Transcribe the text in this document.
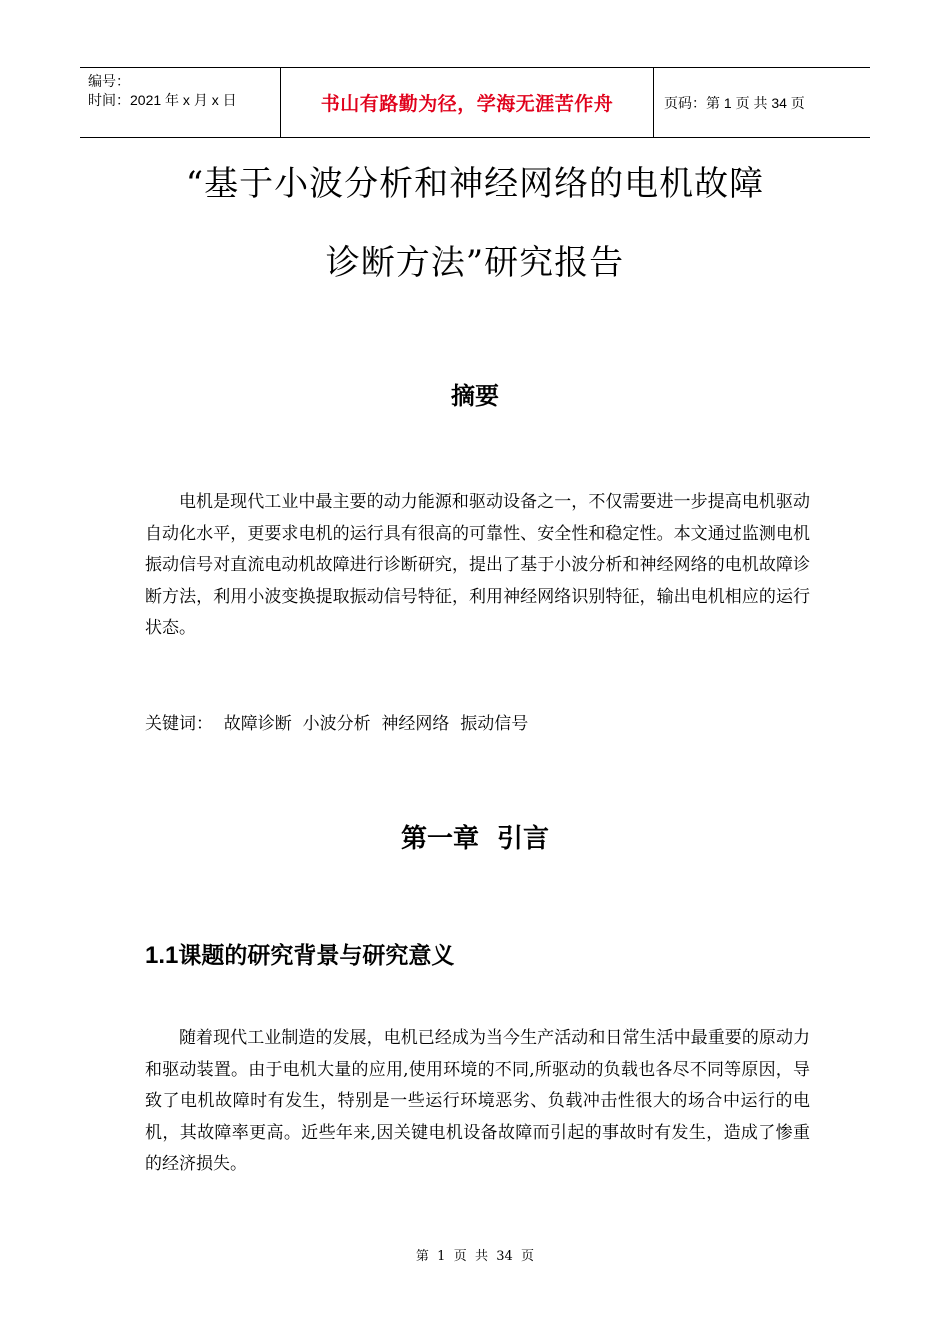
编号：
时间：2021 年 x 月 x 日	书山有路勤为径，学海无涯苦作舟	页码：第 1 页 共 34 页
“基于小波分析和神经网络的电机故障
诊断方法”研究报告
摘要
电机是现代工业中最主要的动力能源和驱动设备之一，不仅需要进一步提高电机驱动自动化水平，更要求电机的运行具有很高的可靠性、安全性和稳定性。本文通过监测电机振动信号对直流电动机故障进行诊断研究，提出了基于小波分析和神经网络的电机故障诊断方法，利用小波变换提取振动信号特征，利用神经网络识别特征，输出电机相应的运行状态。
关键词：  故障诊断  小波分析  神经网络  振动信号
第一章  引言
1.1课题的研究背景与研究意义
随着现代工业制造的发展，电机已经成为当今生产活动和日常生活中最重要的原动力和驱动装置。由于电机大量的应用,使用环境的不同,所驱动的负载也各尽不同等原因，导致了电机故障时有发生，特别是一些运行环境恶劣、负载冲击性很大的场合中运行的电机，其故障率更高。近些年来,因关键电机设备故障而引起的事故时有发生，造成了惨重的经济损失。
第  1  页  共  34  页
